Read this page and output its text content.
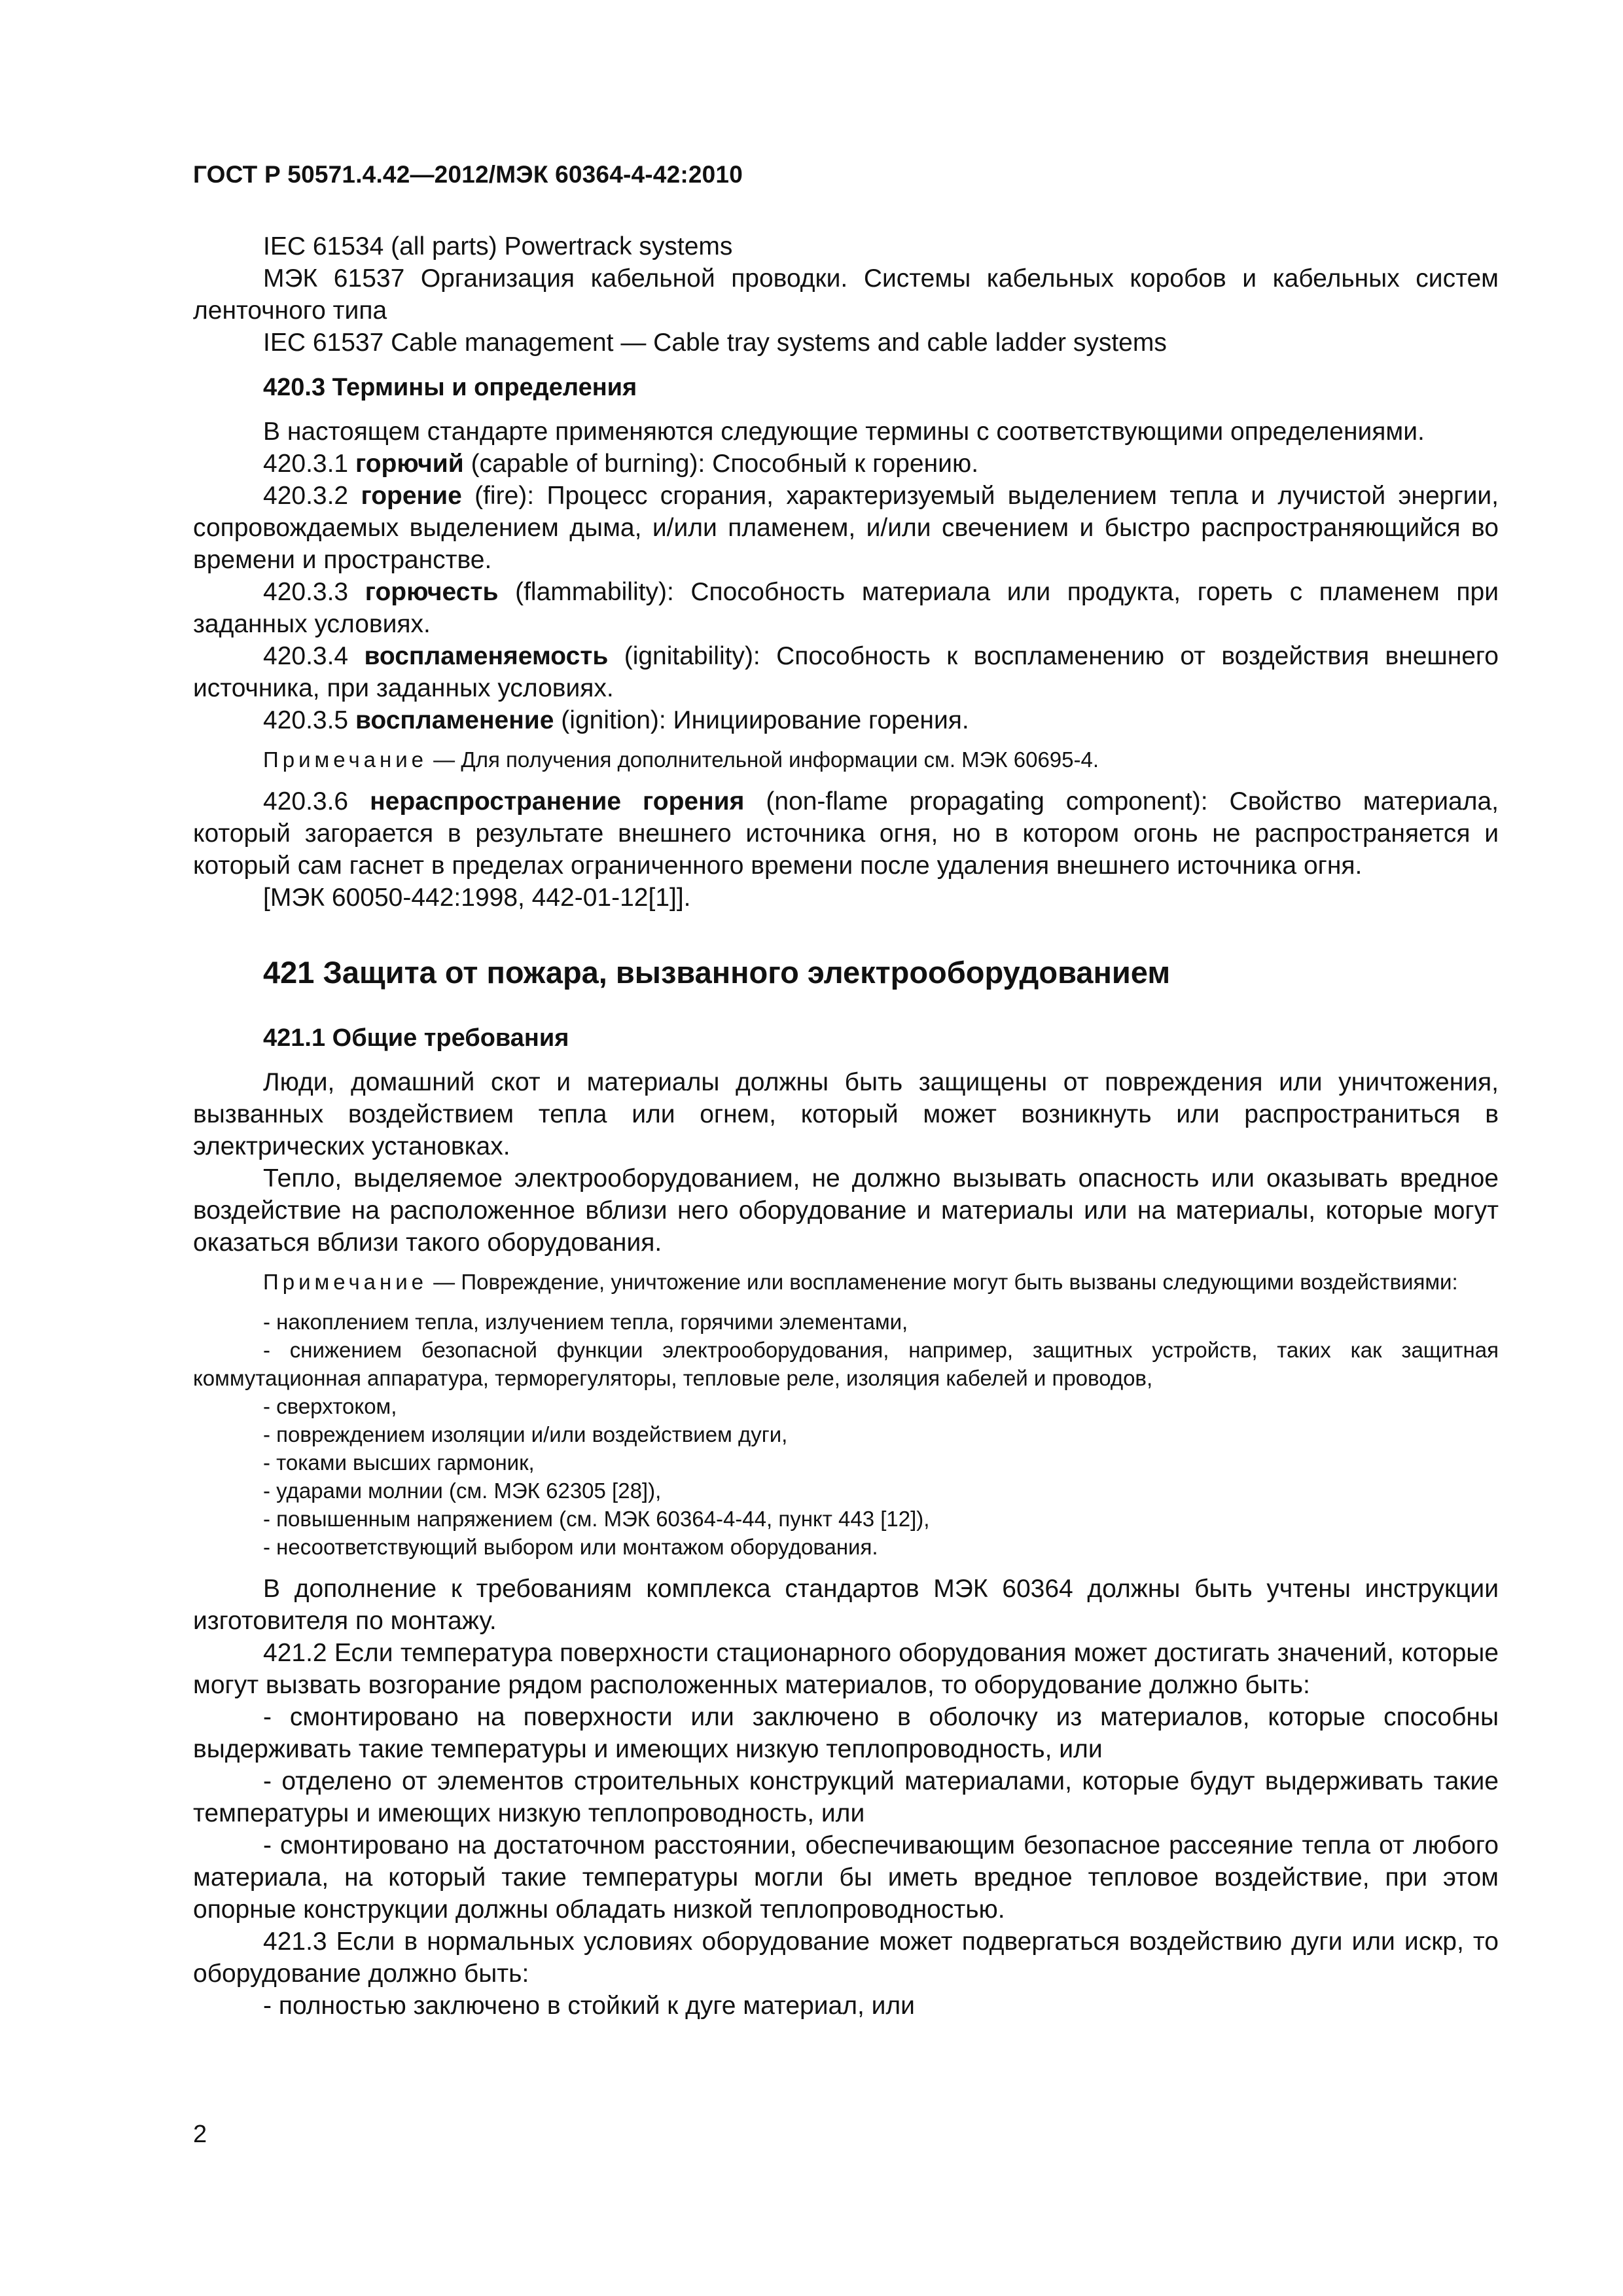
ГОСТ Р 50571.4.42—2012/МЭК 60364-4-42:2010

IEC 61534 (all parts) Powertrack systems

МЭК 61537 Организация кабельной проводки. Системы кабельных коробов и кабельных систем ленточного типа

IEC 61537 Cable management — Cable tray systems and cable ladder systems

420.3 Термины и определения

В настоящем стандарте применяются следующие термины с соответствующими определениями.

420.3.1 горючий (capable of burning): Способный к горению.

420.3.2 горение (fire): Процесс сгорания, характеризуемый выделением тепла и лучистой энергии, сопровождаемых выделением дыма, и/или пламенем, и/или свечением и быстро распространяющийся во времени и пространстве.

420.3.3 горючесть (flammability): Способность материала или продукта, гореть с пламенем при заданных условиях.

420.3.4 воспламеняемость (ignitability): Способность к воспламенению от воздействия внешнего источника, при заданных условиях.

420.3.5 воспламенение (ignition): Инициирование горения.

Примечание — Для получения дополнительной информации см. МЭК 60695-4.

420.3.6 нераспространение горения (non-flame propagating component): Свойство материала, который загорается в результате внешнего источника огня, но в котором огонь не распространяется и который сам гаснет в пределах ограниченного времени после удаления внешнего источника огня.

[МЭК 60050-442:1998, 442-01-12[1]].

421 Защита от пожара, вызванного электрооборудованием
421.1 Общие требования

Люди, домашний скот и материалы должны быть защищены от повреждения или уничтожения, вызванных воздействием тепла или огнем, который может возникнуть или распространиться в электрических установках.

Тепло, выделяемое электрооборудованием, не должно вызывать опасность или оказывать вредное воздействие на расположенное вблизи него оборудование и материалы или на материалы, которые могут оказаться вблизи такого оборудования.

Примечание — Повреждение, уничтожение или воспламенение могут быть вызваны следующими воздействиями:
- накоплением тепла, излучением тепла, горячими элементами,
- снижением безопасной функции электрооборудования, например, защитных устройств, таких как защитная коммутационная аппаратура, терморегуляторы, тепловые реле, изоляция кабелей и проводов,
- сверхтоком,
- повреждением изоляции и/или воздействием дуги,
- токами высших гармоник,
- ударами молнии (см. МЭК 62305 [28]),
- повышенным напряжением (см. МЭК 60364-4-44, пункт 443 [12]),
- несоответствующий выбором или монтажом оборудования.

В дополнение к требованиям комплекса стандартов МЭК 60364 должны быть учтены инструкции изготовителя по монтажу.

421.2 Если температура поверхности стационарного оборудования может достигать значений, которые могут вызвать возгорание рядом расположенных материалов, то оборудование должно быть:

- смонтировано на поверхности или заключено в оболочку из материалов, которые способны выдерживать такие температуры и имеющих низкую теплопроводность, или

- отделено от элементов строительных конструкций материалами, которые будут выдерживать такие температуры и имеющих низкую теплопроводность, или

- смонтировано на достаточном расстоянии, обеспечивающим безопасное рассеяние тепла от любого материала, на который такие температуры могли бы иметь вредное тепловое воздействие, при этом опорные конструкции должны обладать низкой теплопроводностью.

421.3 Если в нормальных условиях оборудование может подвергаться воздействию дуги или искр, то оборудование должно быть:

- полностью заключено в стойкий к дуге материал, или

2
